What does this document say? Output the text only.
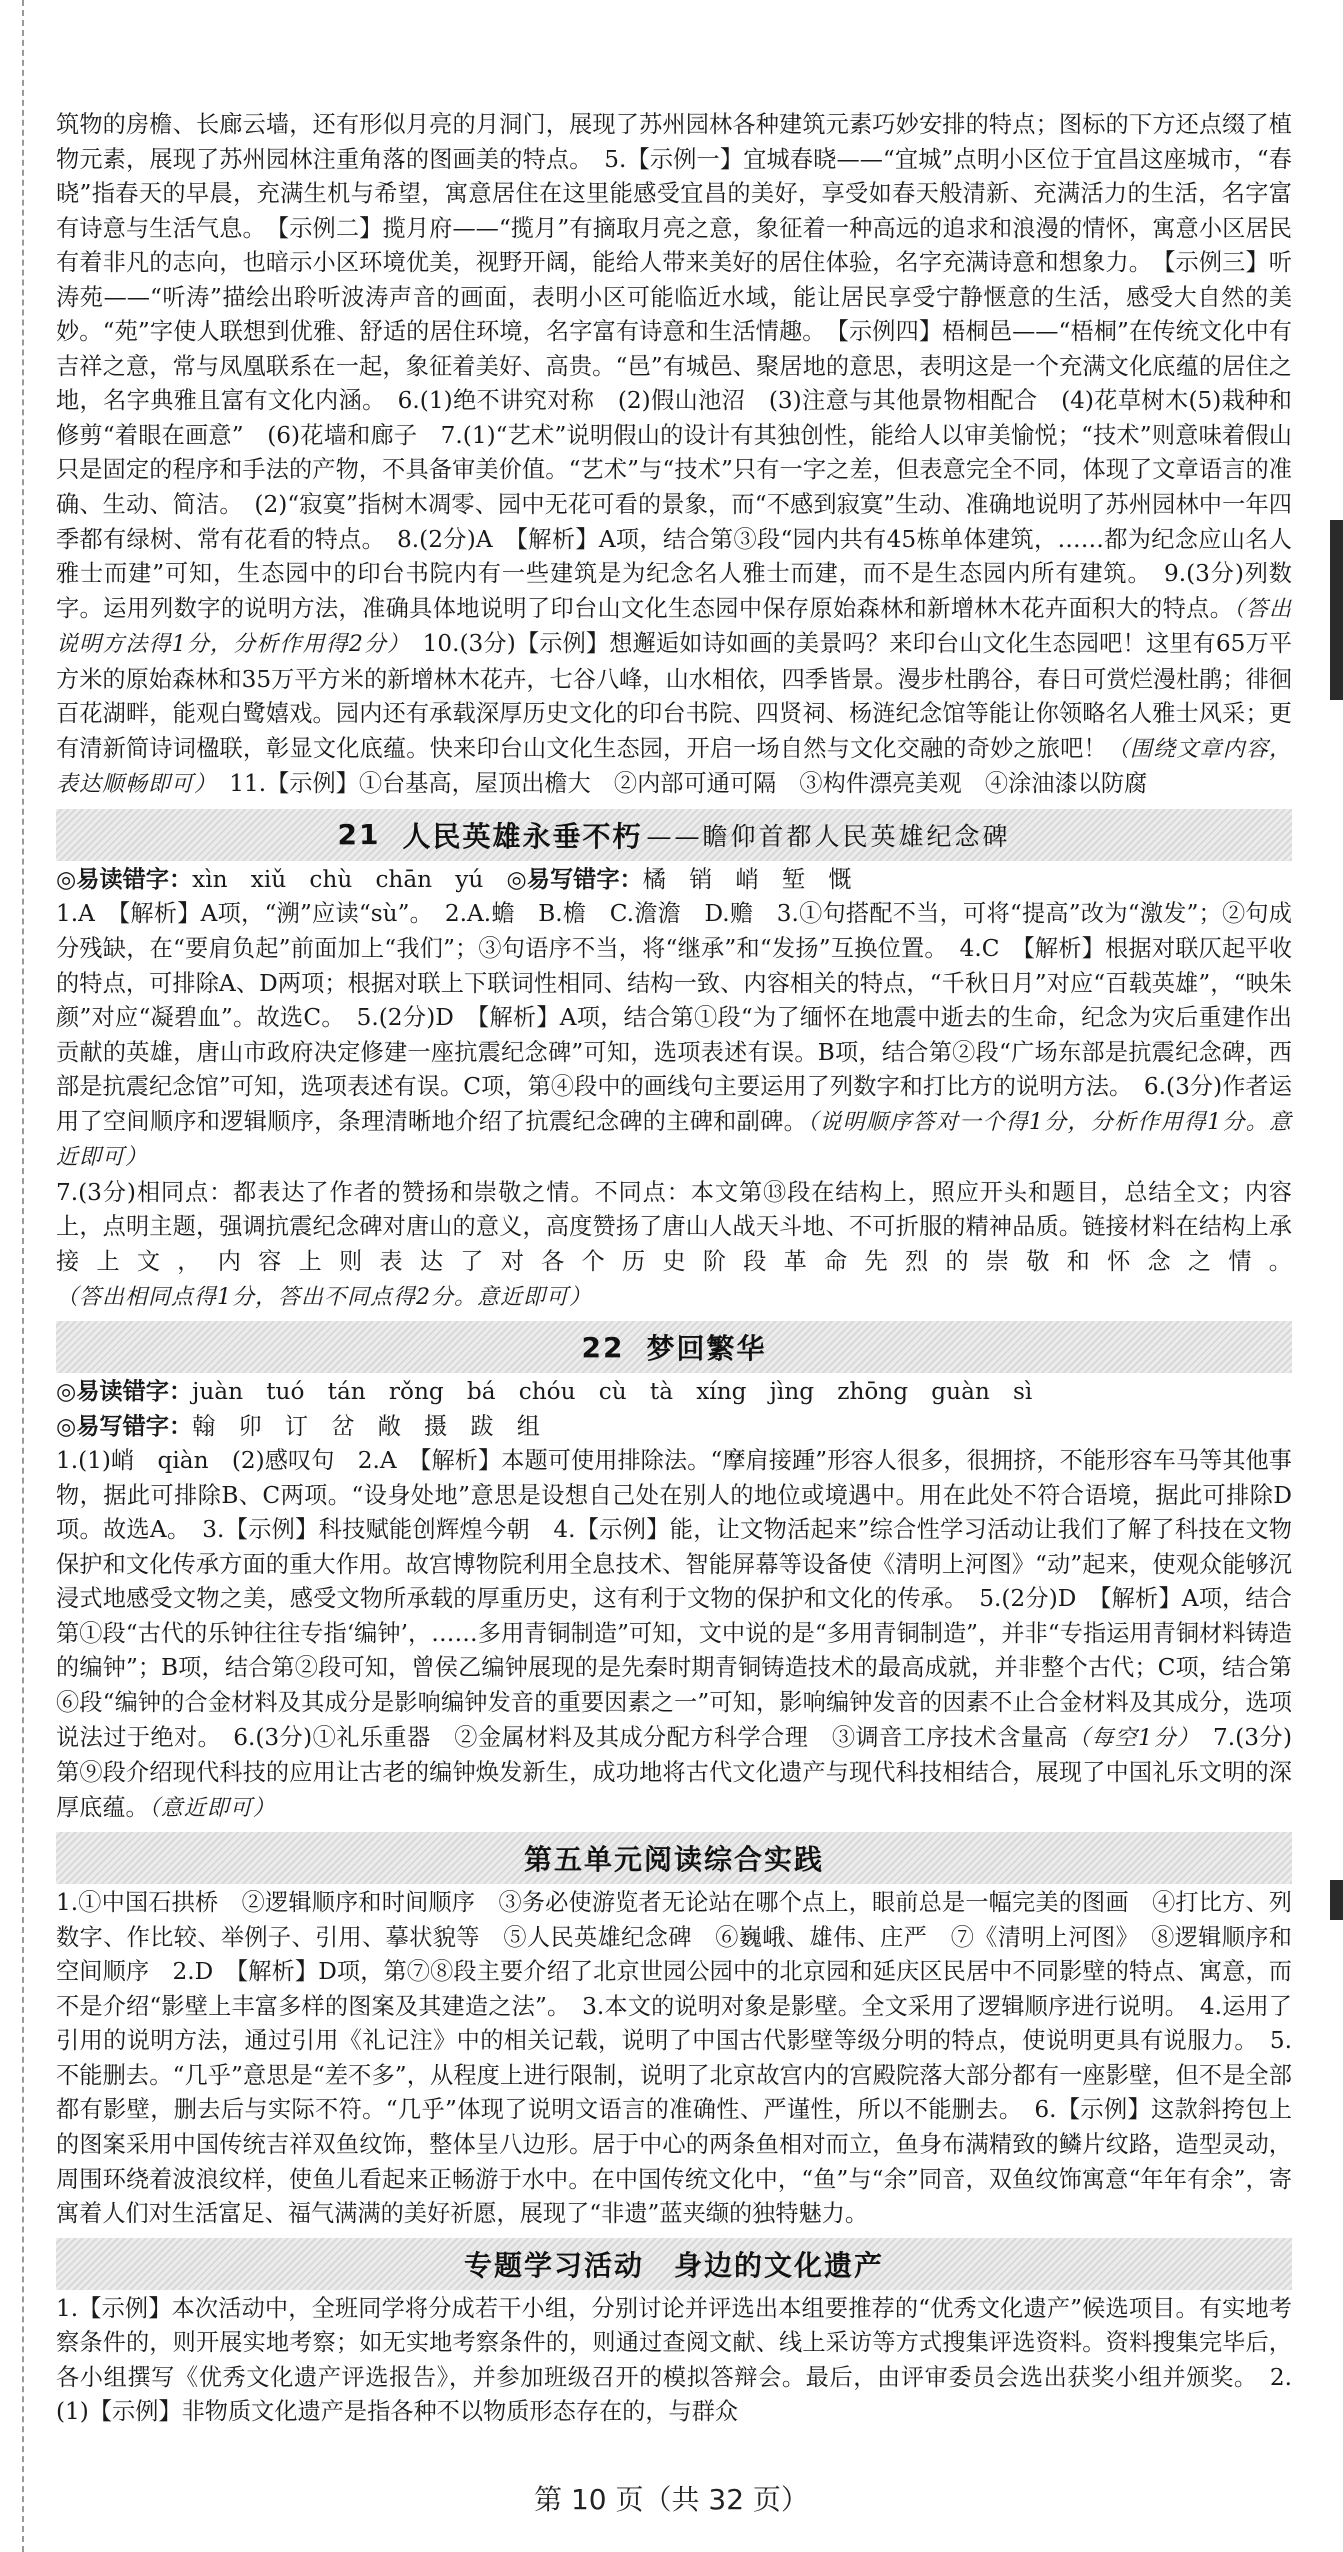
筑物的房檐、长廊云墙，还有形似月亮的月洞门，展现了苏州园林各种建筑元素巧妙安排的特点；图标的下方还点缀了植物元素，展现了苏州园林注重角落的图画美的特点。　5.【示例一】宜城春晓——“宜城”点明小区位于宜昌这座城市，“春晓”指春天的早晨，充满生机与希望，寓意居住在这里能感受宜昌的美好，享受如春天般清新、充满活力的生活，名字富有诗意与生活气息。　【示例二】揽月府——“揽月”有摘取月亮之意，象征着一种高远的追求和浪漫的情怀，寓意小区居民有着非凡的志向，也暗示小区环境优美，视野开阔，能给人带来美好的居住体验，名字充满诗意和想象力。　【示例三】听涛苑——“听涛”描绘出聆听波涛声音的画面，表明小区可能临近水域，能让居民享受宁静惬意的生活，感受大自然的美妙。“苑”字使人联想到优雅、舒适的居住环境，名字富有诗意和生活情趣。　【示例四】梧桐邑——“梧桐”在传统文化中有吉祥之意，常与凤凰联系在一起，象征着美好、高贵。“邑”有城邑、聚居地的意思，表明这是一个充满文化底蕴的居住之地，名字典雅且富有文化内涵。　6.(1)绝不讲究对称　(2)假山池沼　(3)注意与其他景物相配合　(4)花草树木(5)栽种和修剪“着眼在画意”　(6)花墙和廊子　7.(1)“艺术”说明假山的设计有其独创性，能给人以审美愉悦；“技术”则意味着假山只是固定的程序和手法的产物，不具备审美价值。“艺术”与“技术”只有一字之差，但表意完全不同，体现了文章语言的准确、生动、简洁。　(2)“寂寞”指树木凋零、园中无花可看的景象，而“不感到寂寞”生动、准确地说明了苏州园林中一年四季都有绿树、常有花看的特点。　8.(2分)A　【解析】A项，结合第③段“园内共有45栋单体建筑，……都为纪念应山名人雅士而建”可知，生态园中的印台书院内有一些建筑是为纪念名人雅士而建，而不是生态园内所有建筑。　9.(3分)列数字。运用列数字的说明方法，准确具体地说明了印台山文化生态园中保存原始森林和新增林木花卉面积大的特点。（答出说明方法得1分，分析作用得2分）　10.(3分)【示例】想邂逅如诗如画的美景吗？来印台山文化生态园吧！这里有65万平方米的原始森林和35万平方米的新增林木花卉，七谷八峰，山水相依，四季皆景。漫步杜鹃谷，春日可赏烂漫杜鹃；徘徊百花湖畔，能观白鹭嬉戏。园内还有承载深厚历史文化的印台书院、四贤祠、杨涟纪念馆等能让你领略名人雅士风采；更有清新简诗词楹联，彰显文化底蕴。快来印台山文化生态园，开启一场自然与文化交融的奇妙之旅吧！（围绕文章内容，表达顺畅即可）　11.【示例】①台基高，屋顶出檐大　②内部可通可隔　③构件漂亮美观　④涂油漆以防腐

21 人民英雄永垂不朽 ——瞻仰首都人民英雄纪念碑

◎易读错字：xìn　xiǔ　chù　chān　yú　 ◎易写错字：橘　销　峭　堑　慨

1.A　【解析】A项，“溯”应读“sù”。　2.A.蟾　B.檐　C.澹澹　D.赡　3.①句搭配不当，可将“提高”改为“激发”；②句成分残缺，在“要肩负起”前面加上“我们”；③句语序不当，将“继承”和“发扬”互换位置。　4.C　【解析】根据对联仄起平收的特点，可排除A、D两项；根据对联上下联词性相同、结构一致、内容相关的特点，“千秋日月”对应“百载英雄”，“映朱颜”对应“凝碧血”。故选C。　5.(2分)D　【解析】A项，结合第①段“为了缅怀在地震中逝去的生命，纪念为灾后重建作出贡献的英雄，唐山市政府决定修建一座抗震纪念碑”可知，选项表述有误。B项，结合第②段“广场东部是抗震纪念碑，西部是抗震纪念馆”可知，选项表述有误。C项，第④段中的画线句主要运用了列数字和打比方的说明方法。　6.(3分)作者运用了空间顺序和逻辑顺序，条理清晰地介绍了抗震纪念碑的主碑和副碑。（说明顺序答对一个得1分，分析作用得1分。意近即可）

7.(3分)相同点：都表达了作者的赞扬和崇敬之情。不同点：本文第⑬段在结构上，照应开头和题目，总结全文；内容上，点明主题，强调抗震纪念碑对唐山的意义，高度赞扬了唐山人战天斗地、不可折服的精神品质。链接材料在结构上承接上文，内容上则表达了对各个历史阶段革命先烈的崇敬和怀念之情。（答出相同点得1分，答出不同点得2分。意近即可）

22 梦回繁华

◎易读错字：juàn　tuó　tán　rǒng　bá　chóu　cù　tà　xíng　jìng　zhōng　guàn　sì

◎易写错字：翰　卯　订　岔　敞　摄　跋　组

1.(1)峭　qiàn　(2)感叹句　2.A　【解析】本题可使用排除法。“摩肩接踵”形容人很多，很拥挤，不能形容车马等其他事物，据此可排除B、C两项。“设身处地”意思是设想自己处在别人的地位或境遇中。用在此处不符合语境，据此可排除D项。故选A。　3.【示例】科技赋能创辉煌今朝　4.【示例】能，让文物活起来”综合性学习活动让我们了解了科技在文物保护和文化传承方面的重大作用。故宫博物院利用全息技术、智能屏幕等设备使《清明上河图》“动”起来，使观众能够沉浸式地感受文物之美，感受文物所承载的厚重历史，这有利于文物的保护和文化的传承。　5.(2分)D　【解析】A项，结合第①段“古代的乐钟往往专指‘编钟’，……多用青铜制造”可知，文中说的是“多用青铜制造”，并非“专指运用青铜材料铸造的编钟”；B项，结合第②段可知，曾侯乙编钟展现的是先秦时期青铜铸造技术的最高成就，并非整个古代；C项，结合第⑥段“编钟的合金材料及其成分是影响编钟发音的重要因素之一”可知，影响编钟发音的因素不止合金材料及其成分，选项说法过于绝对。　6.(3分)①礼乐重器　②金属材料及其成分配方科学合理　③调音工序技术含量高（每空1分）　7.(3分)第⑨段介绍现代科技的应用让古老的编钟焕发新生，成功地将古代文化遗产与现代科技相结合，展现了中国礼乐文明的深厚底蕴。（意近即可）

第五单元阅读综合实践

1.①中国石拱桥　②逻辑顺序和时间顺序　③务必使游览者无论站在哪个点上，眼前总是一幅完美的图画　④打比方、列数字、作比较、举例子、引用、摹状貌等　⑤人民英雄纪念碑　⑥巍峨、雄伟、庄严　⑦《清明上河图》　⑧逻辑顺序和空间顺序　2.D　【解析】D项，第⑦⑧段主要介绍了北京世园公园中的北京园和延庆区民居中不同影壁的特点、寓意，而不是介绍“影壁上丰富多样的图案及其建造之法”。　3.本文的说明对象是影壁。全文采用了逻辑顺序进行说明。　4.运用了引用的说明方法，通过引用《礼记注》中的相关记载，说明了中国古代影壁等级分明的特点，使说明更具有说服力。　5.不能删去。“几乎”意思是“差不多”，从程度上进行限制，说明了北京故宫内的宫殿院落大部分都有一座影壁，但不是全部都有影壁，删去后与实际不符。“几乎”体现了说明文语言的准确性、严谨性，所以不能删去。　6.【示例】这款斜挎包上的图案采用中国传统吉祥双鱼纹饰，整体呈八边形。居于中心的两条鱼相对而立，鱼身布满精致的鳞片纹路，造型灵动，周围环绕着波浪纹样，使鱼儿看起来正畅游于水中。在中国传统文化中，“鱼”与“余”同音，双鱼纹饰寓意“年年有余”，寄寓着人们对生活富足、福气满满的美好祈愿，展现了“非遗”蓝夹缬的独特魅力。

专题学习活动　身边的文化遗产

1.【示例】本次活动中，全班同学将分成若干小组，分别讨论并评选出本组要推荐的“优秀文化遗产”候选项目。有实地考察条件的，则开展实地考察；如无实地考察条件的，则通过查阅文献、线上采访等方式搜集评选资料。资料搜集完毕后，各小组撰写《优秀文化遗产评选报告》，并参加班级召开的模拟答辩会。最后，由评审委员会选出获奖小组并颁奖。　2.(1)【示例】非物质文化遗产是指各种不以物质形态存在的，与群众

第 10 页（共 32 页）
